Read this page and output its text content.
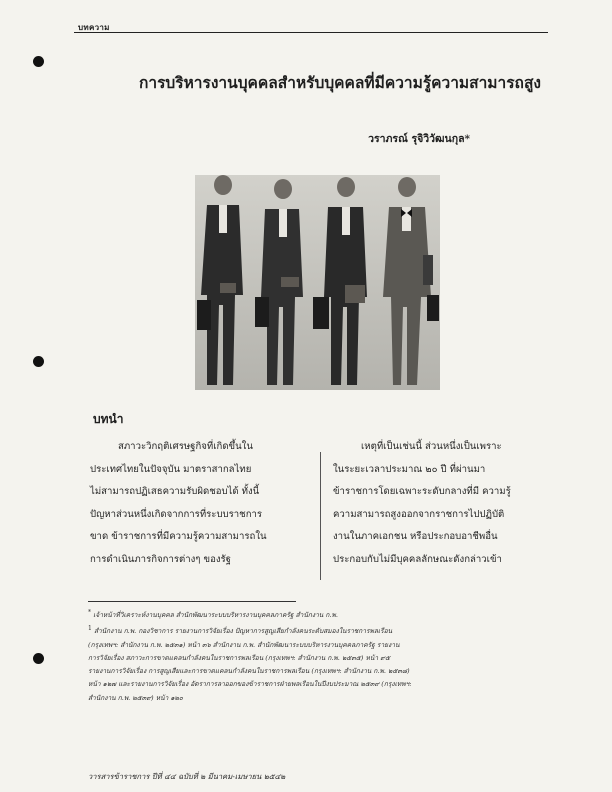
บทความ
การบริหารงานบุคคลสำหรับบุคคลที่มีความรู้ความสามารถสูง
วราภรณ์ รุจิวิวัฒนกุล*
บทนำ

สภาวะวิกฤติเศรษฐกิจที่เกิดขึ้นใน

ประเทศไทยในปัจจุบัน มาตราสากลไทย

ไม่สามารถปฏิเสธความรับผิดชอบได้ ทั้งนี้

ปัญหาส่วนหนึ่งเกิดจากการที่ระบบราชการ

ขาด ข้าราชการที่มีความรู้ความสามารถใน

การดำเนินภารกิจการต่างๆ ของรัฐ

เหตุที่เป็นเช่นนี้ ส่วนหนึ่งเป็นเพราะ

ในระยะเวลาประมาณ ๒๐ ปี ที่ผ่านมา

ข้าราชการโดยเฉพาะระดับกลางที่มี ความรู้

ความสามารถสูงออกจากราชการไปปฏิบัติ

งานในภาคเอกชน หรือประกอบอาชีพอื่น

ประกอบกับไม่มีบุคคลลักษณะดังกล่าวเข้า

* เจ้าหน้าที่วิเคราะห์งานบุคคล สำนักพัฒนาระบบบริหารงานบุคคลภาครัฐ สำนักงาน ก.พ.

$^1$ สำนักงาน ก.พ. กองวิชาการ รายงานการวิจัยเรื่อง ปัญหาการสูญเสียกำลังคนระดับสมองในราชการพลเรือน

(กรุงเทพฯ: สำนักงาน ก.พ. ๒๕๓๑) หน้า ๓๖ สำนักงาน ก.พ. สำนักพัฒนาระบบบริหารงานบุคคลภาครัฐ รายงาน

การวิจัยเรื่อง สภาวะการขาดแคลนกำลังคนในราชการพลเรือน (กรุงเทพฯ: สำนักงาน ก.พ. ๒๕๓๕) หน้า ๙๕

รายงานการวิจัยเรื่อง การสูญเสียและการขาดแคลนกำลังคนในราชการพลเรือน (กรุงเทพฯ: สำนักงาน ก.พ. ๒๕๓๘)

หน้า ๑๒๗ และรายงานการวิจัยเรื่อง อัตราการลาออกของข้าราชการฝ่ายพลเรือนในปีงบประมาณ ๒๕๓๙ (กรุงเทพฯ:

สำนักงาน ก.พ. ๒๕๓๙) หน้า ๑๒๐

วารสารข้าราชการ ปีที่ ๔๔ ฉบับที่ ๒ มีนาคม-เมษายน ๒๕๔๒
